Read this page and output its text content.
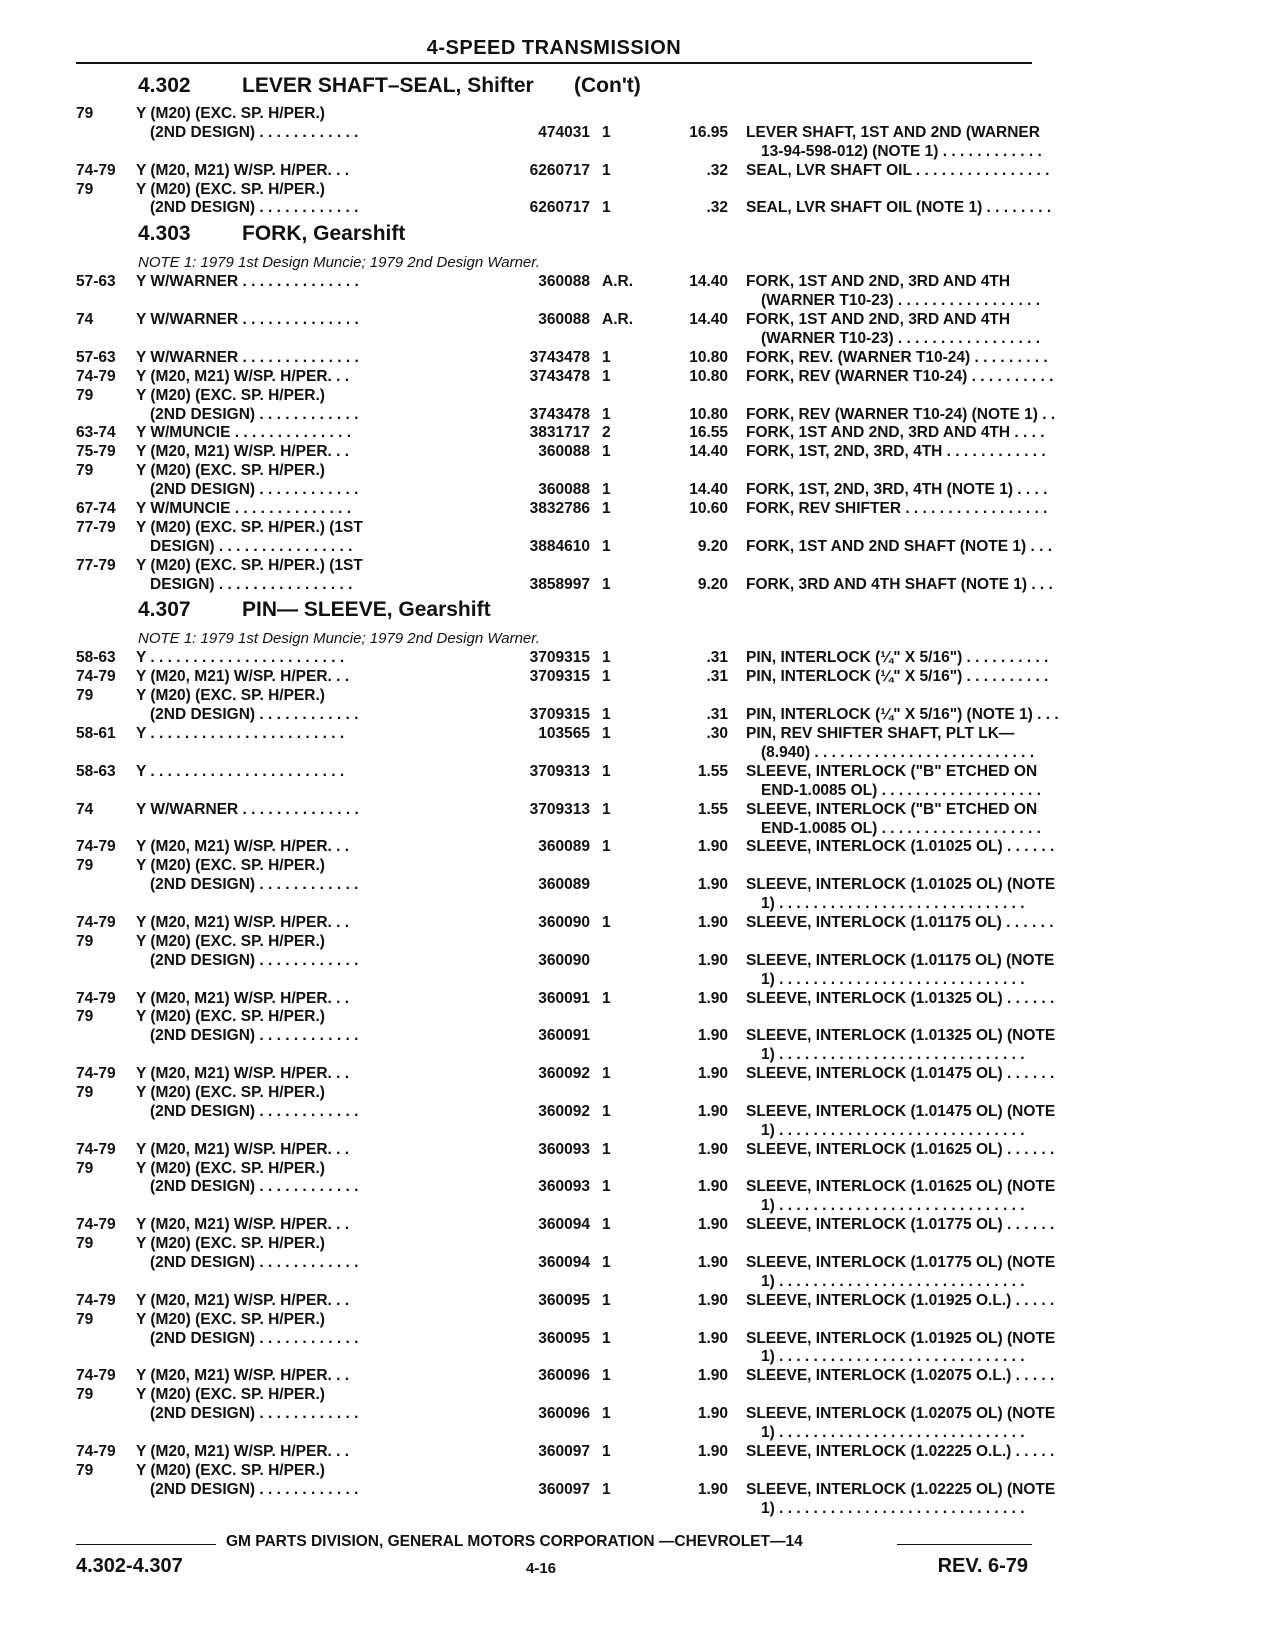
4-SPEED TRANSMISSION
4.302 LEVER SHAFT–SEAL, Shifter (Con't)
79	Y (M20) (EXC. SP. H/PER.)
(2ND DESIGN) . . . . . . . . . . . .	474031 1	16.95 LEVER SHAFT, 1ST AND 2ND (WARNER
13-94-598-012) (NOTE 1) . . . . . . . . . . . .
74-79 Y (M20, M21) W/SP. H/PER. . .	6260717 1	.32 SEAL, LVR SHAFT OIL . . . . . . . . . . . . . . . .
79	Y (M20) (EXC. SP. H/PER.)
(2ND DESIGN) . . . . . . . . . . . .	6260717 1	.32 SEAL, LVR SHAFT OIL (NOTE 1) . . . . . . . .
4.303 FORK, Gearshift
NOTE 1: 1979 1st Design Muncie; 1979 2nd Design Warner.
57-63 Y W/WARNER . . . . . . . . . . . . . .	360088 A.R.	14.40 FORK, 1ST AND 2ND, 3RD AND 4TH
(WARNER T10-23) . . . . . . . . . . . . . . . . .
74	Y W/WARNER . . . . . . . . . . . . . .	360088 A.R.	14.40 FORK, 1ST AND 2ND, 3RD AND 4TH
(WARNER T10-23) . . . . . . . . . . . . . . . . .
57-63 Y W/WARNER . . . . . . . . . . . . . .	3743478 1	10.80 FORK, REV. (WARNER T10-24) . . . . . . . . .
74-79 Y (M20, M21) W/SP. H/PER. . .	3743478 1	10.80 FORK, REV (WARNER T10-24) . . . . . . . . . .
79	Y (M20) (EXC. SP. H/PER.)
(2ND DESIGN) . . . . . . . . . . . .	3743478 1	10.80 FORK, REV (WARNER T10-24) (NOTE 1) . .
63-74 Y W/MUNCIE . . . . . . . . . . . . . .	3831717 2	16.55 FORK, 1ST AND 2ND, 3RD AND 4TH . . . .
75-79 Y (M20, M21) W/SP. H/PER. . .	360088 1	14.40 FORK, 1ST, 2ND, 3RD, 4TH . . . . . . . . . . . .
79	Y (M20) (EXC. SP. H/PER.)
(2ND DESIGN) . . . . . . . . . . . .	360088 1	14.40 FORK, 1ST, 2ND, 3RD, 4TH (NOTE 1) . . . .
67-74 Y W/MUNCIE . . . . . . . . . . . . . .	3832786 1	10.60 FORK, REV SHIFTER . . . . . . . . . . . . . . . . .
77-79 Y (M20) (EXC. SP. H/PER.) (1ST
DESIGN) . . . . . . . . . . . . . . . .	3884610 1	9.20 FORK, 1ST AND 2ND SHAFT (NOTE 1) . . .
77-79 Y (M20) (EXC. SP. H/PER.) (1ST
DESIGN) . . . . . . . . . . . . . . . .	3858997 1	9.20 FORK, 3RD AND 4TH SHAFT (NOTE 1) . . .
4.307 PIN— SLEEVE, Gearshift
NOTE 1: 1979 1st Design Muncie; 1979 2nd Design Warner.
58-63 Y . . . . . . . . . . . . . . . . . . . . . . .	3709315 1	.31 PIN, INTERLOCK (¼" X 5/16") . . . . . . . . . .
74-79 Y (M20, M21) W/SP. H/PER. . .	3709315 1	.31 PIN, INTERLOCK (¼" X 5/16") . . . . . . . . . .
79	Y (M20) (EXC. SP. H/PER.)
(2ND DESIGN) . . . . . . . . . . . .	3709315 1	.31 PIN, INTERLOCK (¼" X 5/16") (NOTE 1) . . .
58-61 Y . . . . . . . . . . . . . . . . . . . . . . .	103565 1	.30 PIN, REV SHIFTER SHAFT, PLT LK—
(8.940) . . . . . . . . . . . . . . . . . . . . . . . . . .
58-63 Y . . . . . . . . . . . . . . . . . . . . . . .	3709313 1	1.55 SLEEVE, INTERLOCK ("B" ETCHED ON
END-1.0085 OL) . . . . . . . . . . . . . . . . . . .
74	Y W/WARNER . . . . . . . . . . . . . .	3709313 1	1.55 SLEEVE, INTERLOCK ("B" ETCHED ON
END-1.0085 OL) . . . . . . . . . . . . . . . . . . .
74-79 Y (M20, M21) W/SP. H/PER. . .	360089 1	1.90 SLEEVE, INTERLOCK (1.01025 OL) . . . . . .
79	Y (M20) (EXC. SP. H/PER.)
(2ND DESIGN) . . . . . . . . . . . .	360089	1.90 SLEEVE, INTERLOCK (1.01025 OL) (NOTE
1) . . . . . . . . . . . . . . . . . . . . . . . . . . . . .
74-79 Y (M20, M21) W/SP. H/PER. . .	360090 1	1.90 SLEEVE, INTERLOCK (1.01175 OL) . . . . . .
79	Y (M20) (EXC. SP. H/PER.)
(2ND DESIGN) . . . . . . . . . . . .	360090	1.90 SLEEVE, INTERLOCK (1.01175 OL) (NOTE
1) . . . . . . . . . . . . . . . . . . . . . . . . . . . . .
74-79 Y (M20, M21) W/SP. H/PER. . .	360091 1	1.90 SLEEVE, INTERLOCK (1.01325 OL) . . . . . .
79	Y (M20) (EXC. SP. H/PER.)
(2ND DESIGN) . . . . . . . . . . . .	360091	1.90 SLEEVE, INTERLOCK (1.01325 OL) (NOTE
1) . . . . . . . . . . . . . . . . . . . . . . . . . . . . .
74-79 Y (M20, M21) W/SP. H/PER. . .	360092 1	1.90 SLEEVE, INTERLOCK (1.01475 OL) . . . . . .
79	Y (M20) (EXC. SP. H/PER.)
(2ND DESIGN) . . . . . . . . . . . .	360092 1	1.90 SLEEVE, INTERLOCK (1.01475 OL) (NOTE
1) . . . . . . . . . . . . . . . . . . . . . . . . . . . . .
74-79 Y (M20, M21) W/SP. H/PER. . .	360093 1	1.90 SLEEVE, INTERLOCK (1.01625 OL) . . . . . .
79	Y (M20) (EXC. SP. H/PER.)
(2ND DESIGN) . . . . . . . . . . . .	360093 1	1.90 SLEEVE, INTERLOCK (1.01625 OL) (NOTE
1) . . . . . . . . . . . . . . . . . . . . . . . . . . . . .
74-79 Y (M20, M21) W/SP. H/PER. . .	360094 1	1.90 SLEEVE, INTERLOCK (1.01775 OL) . . . . . .
79	Y (M20) (EXC. SP. H/PER.)
(2ND DESIGN) . . . . . . . . . . . .	360094 1	1.90 SLEEVE, INTERLOCK (1.01775 OL) (NOTE
1) . . . . . . . . . . . . . . . . . . . . . . . . . . . . .
74-79 Y (M20, M21) W/SP. H/PER. . .	360095 1	1.90 SLEEVE, INTERLOCK (1.01925 O.L.) . . . . .
79	Y (M20) (EXC. SP. H/PER.)
(2ND DESIGN) . . . . . . . . . . . .	360095 1	1.90 SLEEVE, INTERLOCK (1.01925 OL) (NOTE
1) . . . . . . . . . . . . . . . . . . . . . . . . . . . . .
74-79 Y (M20, M21) W/SP. H/PER. . .	360096 1	1.90 SLEEVE, INTERLOCK (1.02075 O.L.) . . . . .
79	Y (M20) (EXC. SP. H/PER.)
(2ND DESIGN) . . . . . . . . . . . .	360096 1	1.90 SLEEVE, INTERLOCK (1.02075 OL) (NOTE
1) . . . . . . . . . . . . . . . . . . . . . . . . . . . . .
74-79 Y (M20, M21) W/SP. H/PER. . .	360097 1	1.90 SLEEVE, INTERLOCK (1.02225 O.L.) . . . . .
79	Y (M20) (EXC. SP. H/PER.)
(2ND DESIGN) . . . . . . . . . . . .	360097 1	1.90 SLEEVE, INTERLOCK (1.02225 OL) (NOTE
1) . . . . . . . . . . . . . . . . . . . . . . . . . . . . .
GM PARTS DIVISION, GENERAL MOTORS CORPORATION —CHEVROLET—14
4.302-4.307	4-16	REV. 6-79
